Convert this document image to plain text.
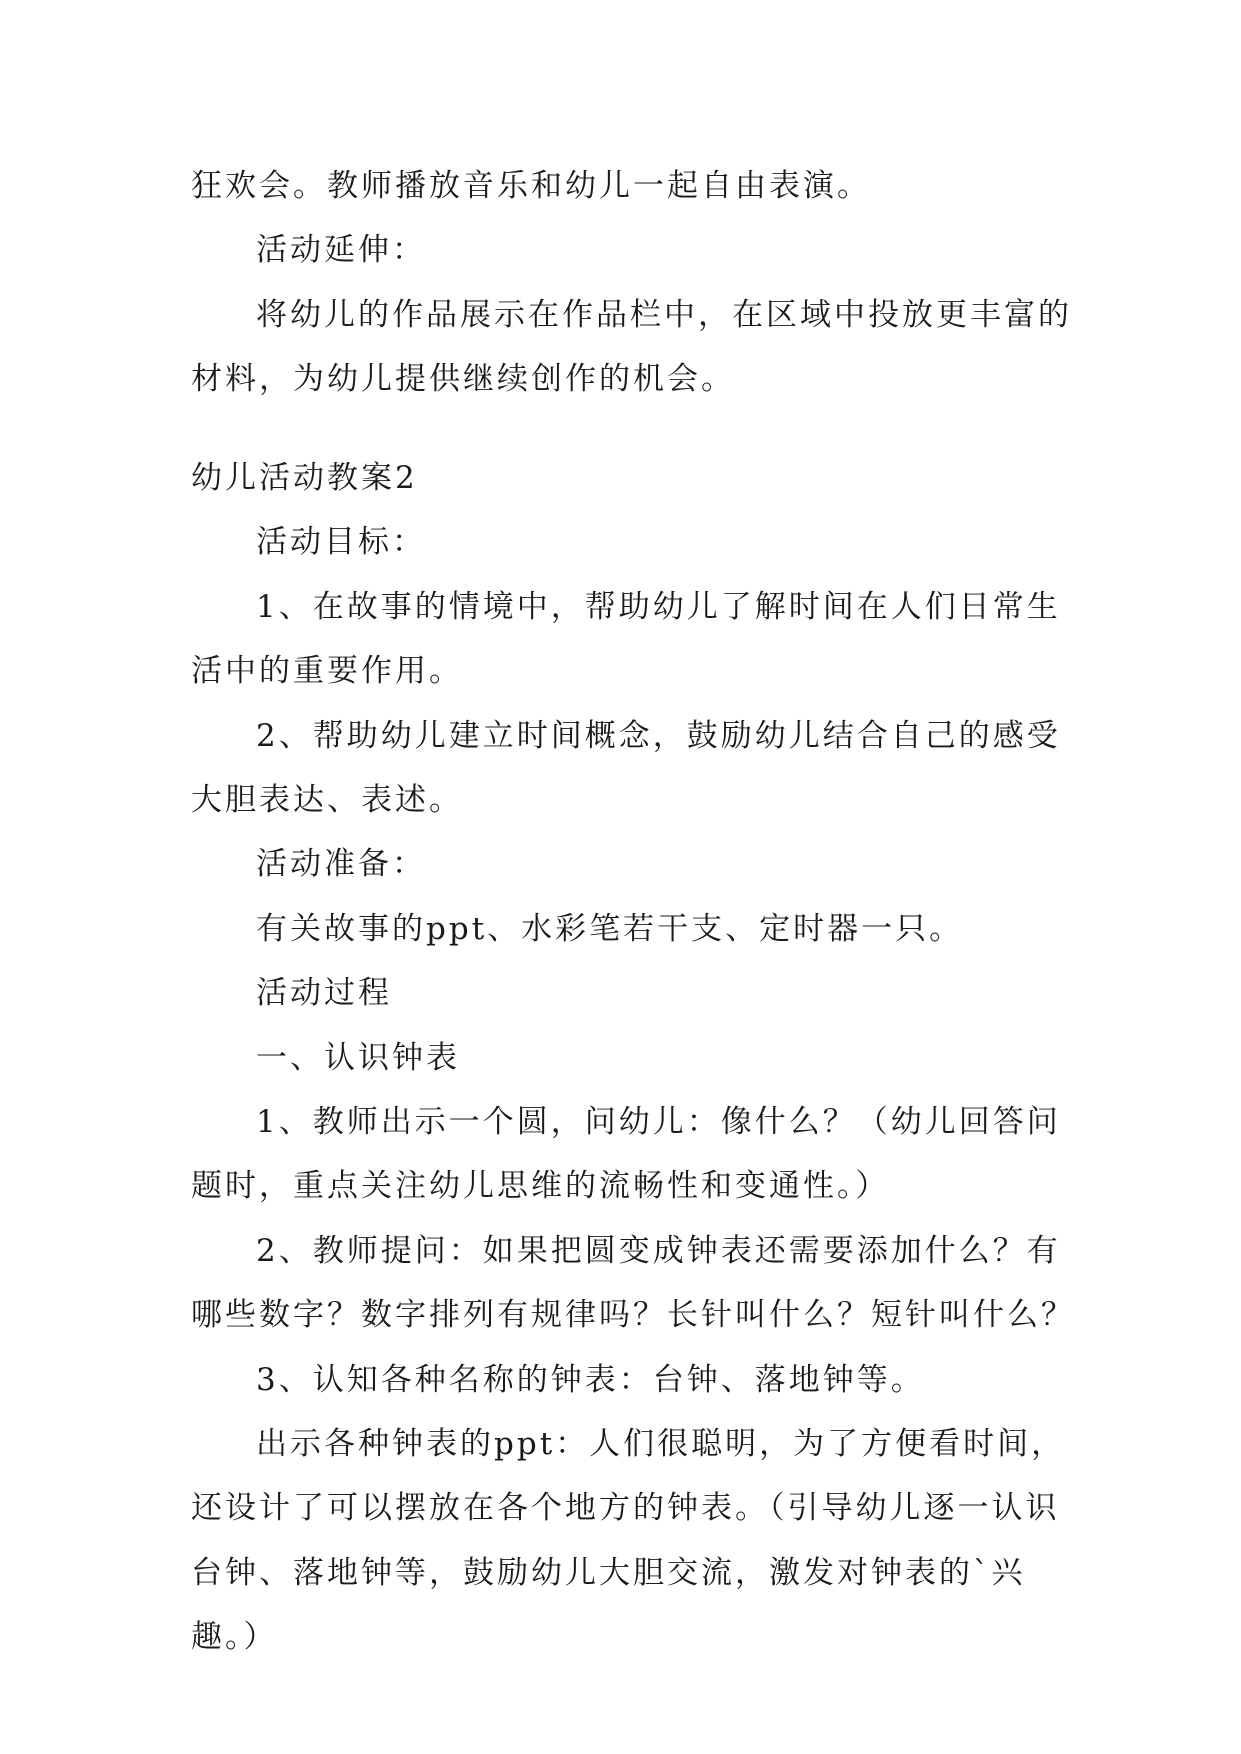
狂欢会。教师播放音乐和幼儿一起自由表演。
活动延伸：
将幼儿的作品展示在作品栏中，在区域中投放更丰富的
材料，为幼儿提供继续创作的机会。
幼儿活动教案2
活动目标：
1、在故事的情境中，帮助幼儿了解时间在人们日常生
活中的重要作用。
2、帮助幼儿建立时间概念，鼓励幼儿结合自己的感受
大胆表达、表述。
活动准备：
有关故事的ppt、水彩笔若干支、定时器一只。
活动过程
一、认识钟表
1、教师出示一个圆，问幼儿：像什么？（幼儿回答问
题时，重点关注幼儿思维的流畅性和变通性。）
2、教师提问：如果把圆变成钟表还需要添加什么？有
哪些数字？数字排列有规律吗？长针叫什么？短针叫什么？
3、认知各种名称的钟表：台钟、落地钟等。
出示各种钟表的ppt：人们很聪明，为了方便看时间，
还设计了可以摆放在各个地方的钟表。（引导幼儿逐一认识
台钟、落地钟等，鼓励幼儿大胆交流，激发对钟表的`兴
趣。）
